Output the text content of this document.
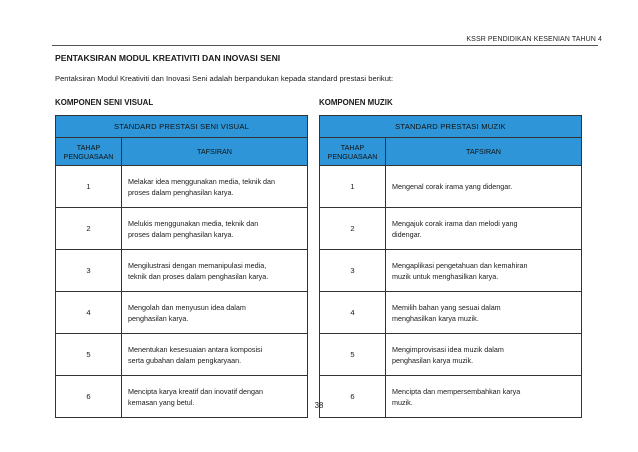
KSSR PENDIDIKAN KESENIAN TAHUN 4
PENTAKSIRAN MODUL KREATIVITI DAN INOVASI SENI
Pentaksiran Modul Kreativiti dan Inovasi Seni adalah berpandukan kepada standard prestasi berikut:
KOMPONEN SENI VISUAL	KOMPONEN MUZIK
STANDARD PRESTASI SENI VISUAL	
TAHAP
PENGUASAAN	TAFSIRAN
1	Melakar idea menggunakan media, teknik dan
proses dalam penghasilan karya.
2	Melukis menggunakan media, teknik dan
proses dalam penghasilan karya.
3	Mengilustrasi dengan memanipulasi media,
teknik dan proses dalam penghasilan karya.
4	Mengolah dan menyusun idea dalam
penghasilan karya.
5	Menentukan kesesuaian antara komposisi
serta gubahan dalam pengkaryaan.
6	Mencipta karya kreatif dan inovatif dengan
kemasan yang betul.
STANDARD PRESTASI MUZIK	
TAHAP
PENGUASAAN	TAFSIRAN
1	Mengenal corak irama yang didengar.
2	Mengajuk corak irama dan melodi yang
didengar.
3	Mengaplikasi pengetahuan dan kemahiran
muzik untuk menghasilkan karya.
4	Memilih bahan yang sesuai dalam
menghasilkan karya muzik.
5	Mengimprovisasi idea muzik dalam
penghasilan karya muzik.
6	Mencipta dan mempersembahkan karya
muzik.
38
